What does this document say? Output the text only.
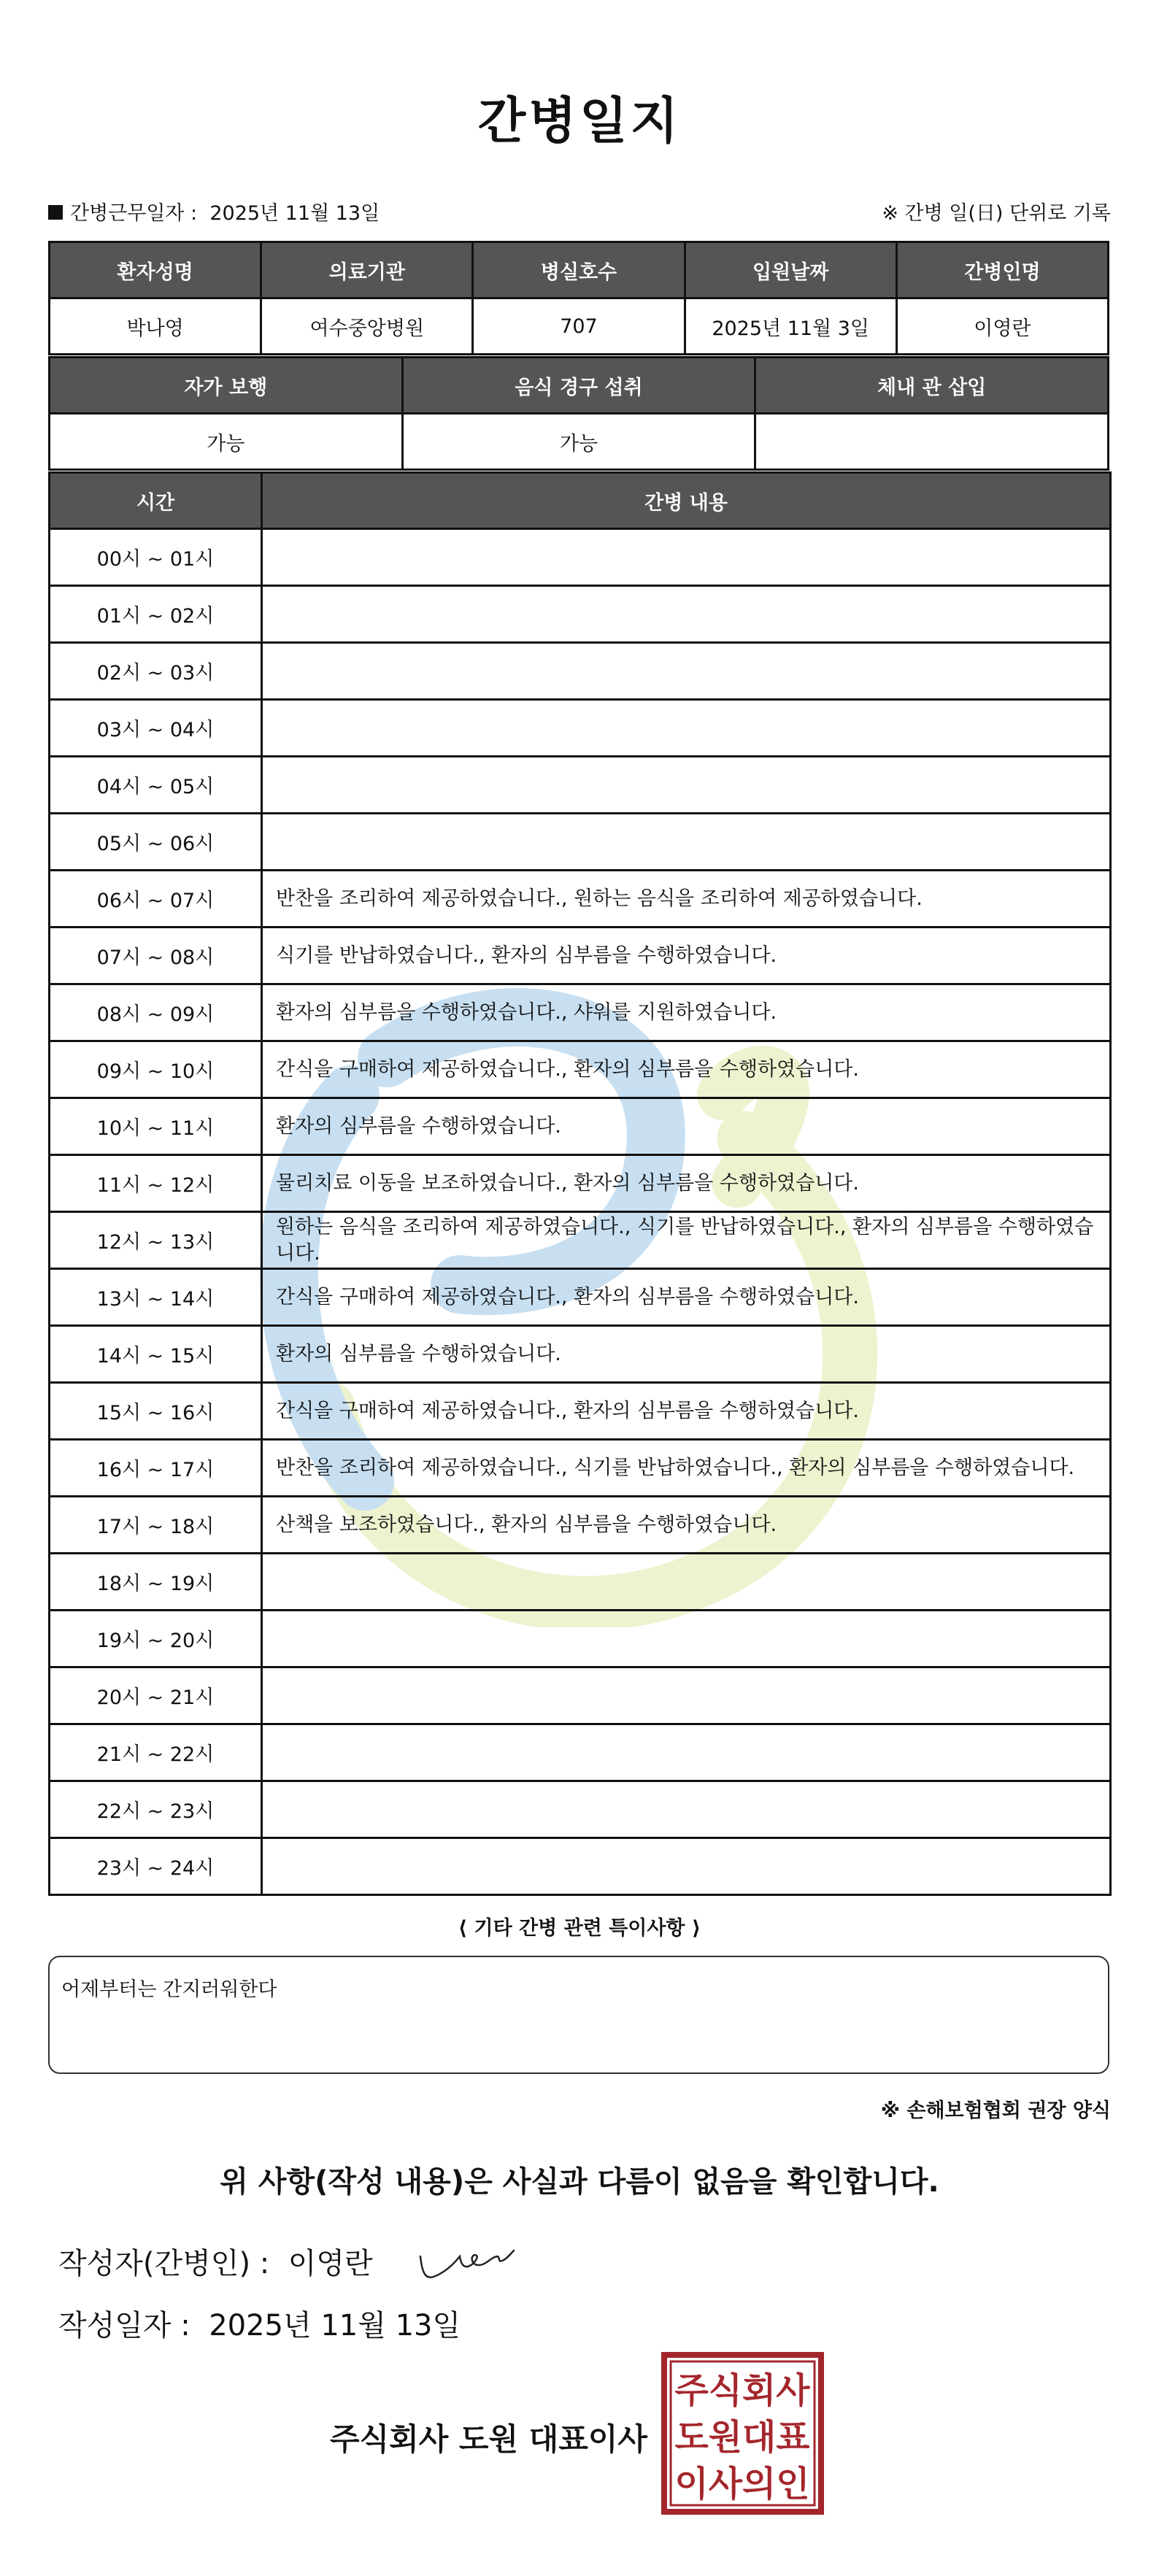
간병일지
간병근무일자 : 2025년 11월 13일	※ 간병 일(日) 단위로 기록
환자성명	의료기관	병실호수	입원날짜	간병인명
박나영	여수중앙병원	707	2025년 11월 3일	이영란
자가 보행	음식 경구 섭취	체내 관 삽입
가능	가능	
시간	간병 내용
00시 ~ 01시	
01시 ~ 02시	
02시 ~ 03시	
03시 ~ 04시	
04시 ~ 05시	
05시 ~ 06시	
06시 ~ 07시	반찬을 조리하여 제공하였습니다., 원하는 음식을 조리하여 제공하였습니다.
07시 ~ 08시	식기를 반납하였습니다., 환자의 심부름을 수행하였습니다.
08시 ~ 09시	환자의 심부름을 수행하였습니다., 샤워를 지원하였습니다.
09시 ~ 10시	간식을 구매하여 제공하였습니다., 환자의 심부름을 수행하였습니다.
10시 ~ 11시	환자의 심부름을 수행하였습니다.
11시 ~ 12시	물리치료 이동을 보조하였습니다., 환자의 심부름을 수행하였습니다.
12시 ~ 13시	원하는 음식을 조리하여 제공하였습니다., 식기를 반납하였습니다., 환자의 심부름을 수행하였습니다.
13시 ~ 14시	간식을 구매하여 제공하였습니다., 환자의 심부름을 수행하였습니다.
14시 ~ 15시	환자의 심부름을 수행하였습니다.
15시 ~ 16시	간식을 구매하여 제공하였습니다., 환자의 심부름을 수행하였습니다.
16시 ~ 17시	반찬을 조리하여 제공하였습니다., 식기를 반납하였습니다., 환자의 심부름을 수행하였습니다.
17시 ~ 18시	산책을 보조하였습니다., 환자의 심부름을 수행하였습니다.
18시 ~ 19시	
19시 ~ 20시	
20시 ~ 21시	
21시 ~ 22시	
22시 ~ 23시	
23시 ~ 24시	
⟨ 기타 간병 관련 특이사항 ⟩
어제부터는 간지러워한다
※ 손해보험협회 권장 양식
위 사항(작성 내용)은 사실과 다름이 없음을 확인합니다.
작성자(간병인) : 이영란
작성일자 : 2025년 11월 13일
주식회사 도원 대표이사
주식회사
도원대표
이사의인
